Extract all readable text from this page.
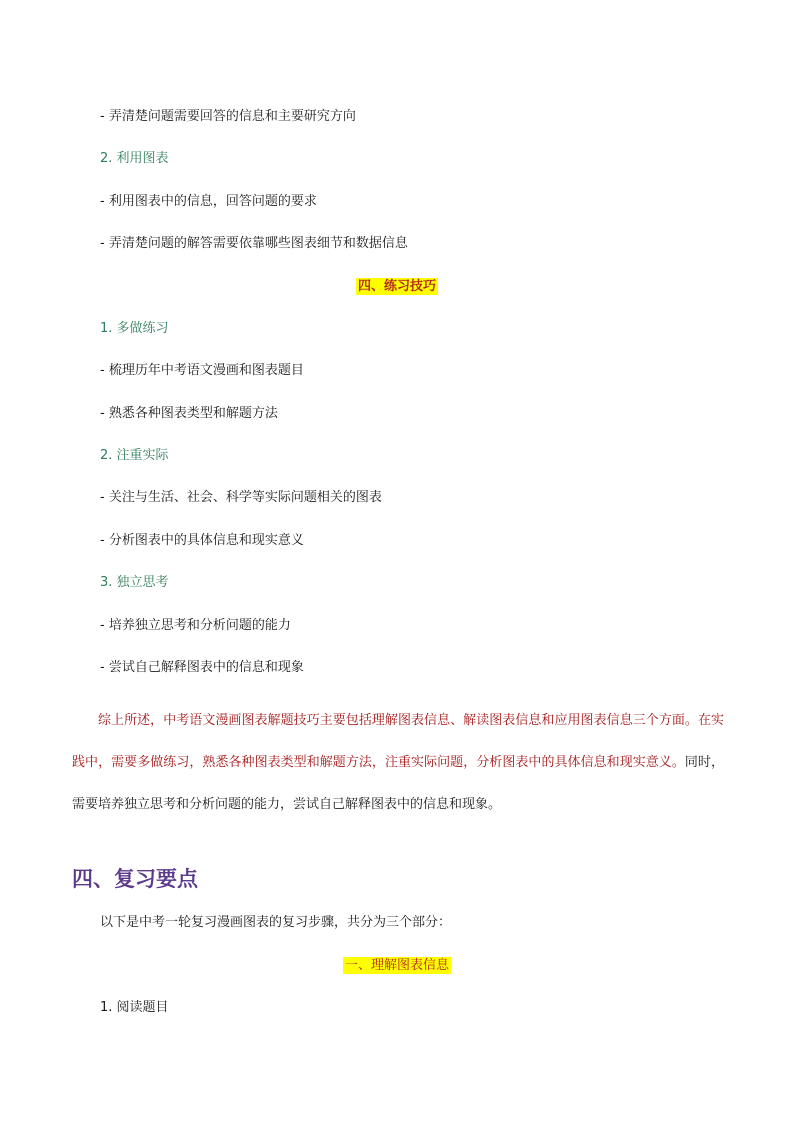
- 弄清楚问题需要回答的信息和主要研究方向
2. 利用图表
- 利用图表中的信息，回答问题的要求
- 弄清楚问题的解答需要依靠哪些图表细节和数据信息
四、练习技巧
1. 多做练习
- 梳理历年中考语文漫画和图表题目
- 熟悉各种图表类型和解题方法
2. 注重实际
- 关注与生活、社会、科学等实际问题相关的图表
- 分析图表中的具体信息和现实意义
3. 独立思考
- 培养独立思考和分析问题的能力
- 尝试自己解释图表中的信息和现象
综上所述，中考语文漫画图表解题技巧主要包括理解图表信息、解读图表信息和应用图表信息三个方面。在实践中，需要多做练习，熟悉各种图表类型和解题方法，注重实际问题，分析图表中的具体信息和现实意义。同时，需要培养独立思考和分析问题的能力，尝试自己解释图表中的信息和现象。
四、复习要点
以下是中考一轮复习漫画图表的复习步骤，共分为三个部分：
一、理解图表信息
1. 阅读题目
